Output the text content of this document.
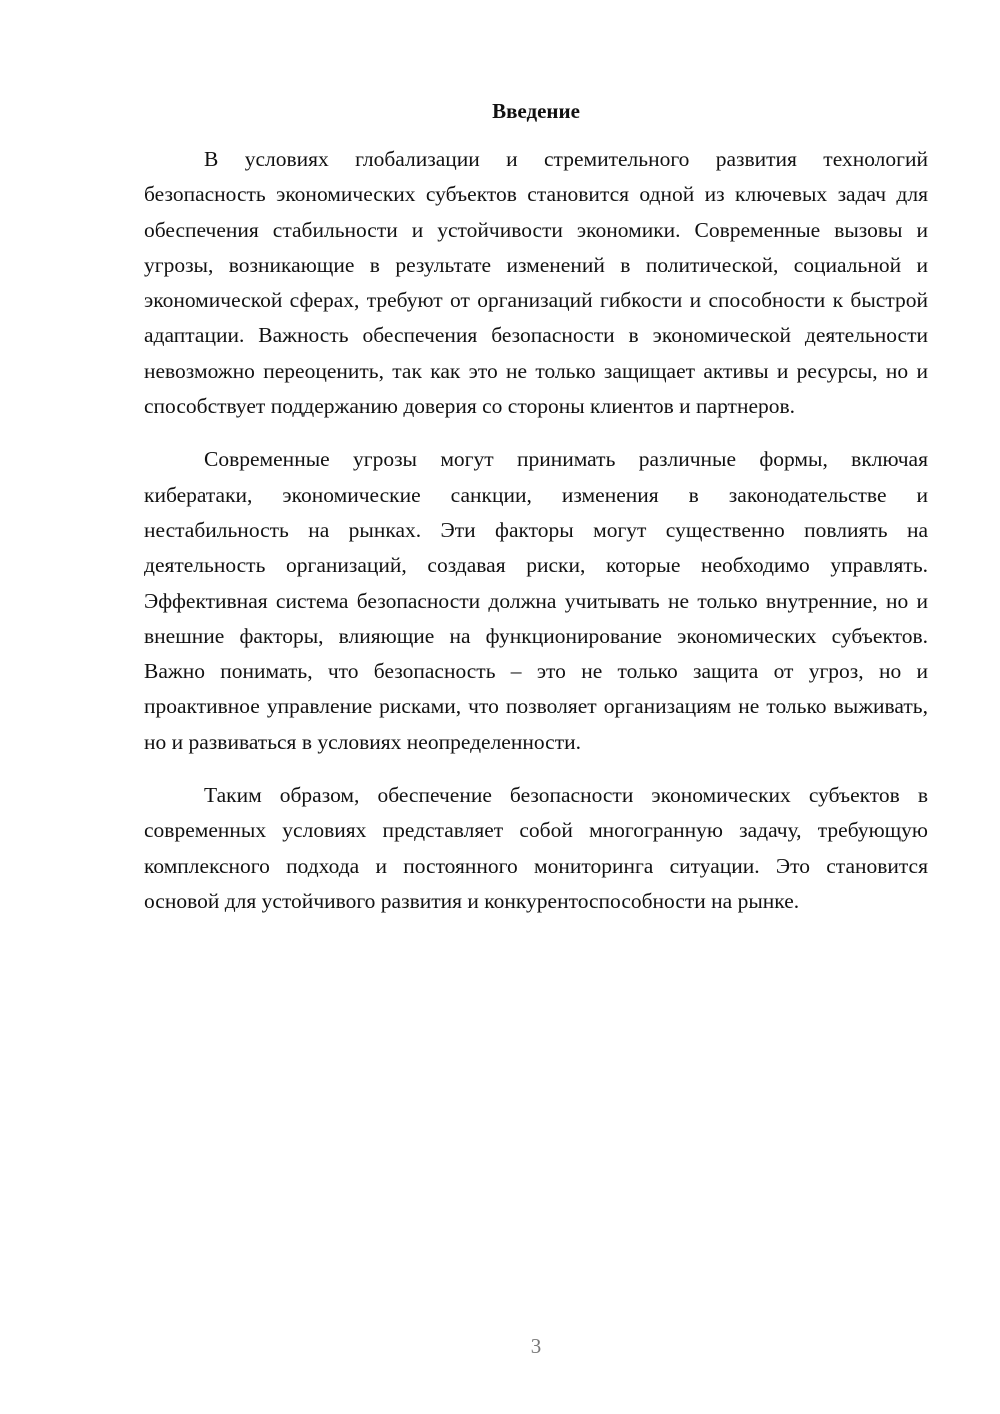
Введение

В условиях глобализации и стремительного развития технологий безопасность экономических субъектов становится одной из ключевых задач для обеспечения стабильности и устойчивости экономики. Современные вызовы и угрозы, возникающие в результате изменений в политической, социальной и экономической сферах, требуют от организаций гибкости и способности к быстрой адаптации. Важность обеспечения безопасности в экономической деятельности невозможно переоценить, так как это не только защищает активы и ресурсы, но и способствует поддержанию доверия со стороны клиентов и партнеров.

Современные угрозы могут принимать различные формы, включая кибератаки, экономические санкции, изменения в законодательстве и нестабильность на рынках. Эти факторы могут существенно повлиять на деятельность организаций, создавая риски, которые необходимо управлять. Эффективная система безопасности должна учитывать не только внутренние, но и внешние факторы, влияющие на функционирование экономических субъектов. Важно понимать, что безопасность – это не только защита от угроз, но и проактивное управление рисками, что позволяет организациям не только выживать, но и развиваться в условиях неопределенности.

Таким образом, обеспечение безопасности экономических субъектов в современных условиях представляет собой многогранную задачу, требующую комплексного подхода и постоянного мониторинга ситуации. Это становится основой для устойчивого развития и конкурентоспособности на рынке.

3
